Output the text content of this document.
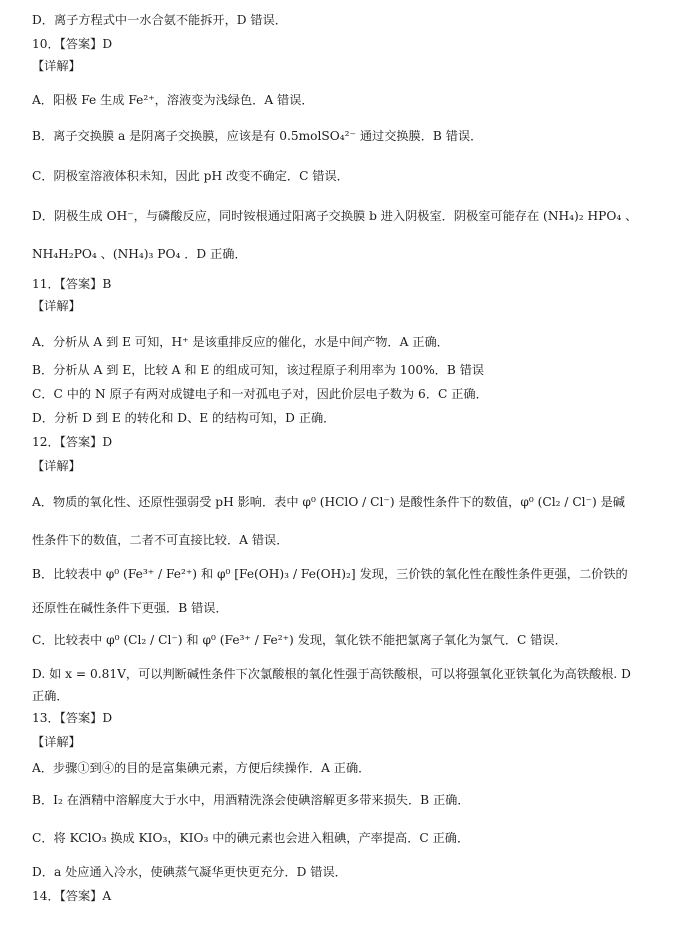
D．离子方程式中一水合氨不能拆开，D 错误．
10．【答案】D
【详解】
A．阳极 Fe 生成 Fe²⁺，溶液变为浅绿色．A 错误．
B．离子交换膜 a 是阴离子交换膜，应该是有 0.5molSO₄²⁻ 通过交换膜．B 错误．
C．阴极室溶液体积未知，因此 pH 改变不确定．C 错误．
D．阴极生成 OH⁻，与磷酸反应，同时铵根通过阳离子交换膜 b 进入阴极室．阴极室可能存在 (NH₄)₂ HPO₄ 、
NH₄H₂PO₄ 、(NH₄)₃ PO₄ ．D 正确．
11．【答案】B
【详解】
A．分析从 A 到 E 可知，H⁺ 是该重排反应的催化，水是中间产物．A 正确．
B．分析从 A 到 E，比较 A 和 E 的组成可知，该过程原子利用率为 100%．B 错误
C．C 中的 N 原子有两对成键电子和一对孤电子对，因此价层电子数为 6．C 正确．
D．分析 D 到 E 的转化和 D、E 的结构可知，D 正确．
12．【答案】D
【详解】
A．物质的氧化性、还原性强弱受 pH 影响．表中 φ⁰ (HClO / Cl⁻) 是酸性条件下的数值，φ⁰ (Cl₂ / Cl⁻) 是碱
性条件下的数值，二者不可直接比较．A 错误．
B．比较表中 φ⁰ (Fe³⁺ / Fe²⁺) 和 φ⁰ [Fe(OH)₃ / Fe(OH)₂] 发现，三价铁的氧化性在酸性条件更强，二价铁的
还原性在碱性条件下更强．B 错误．
C．比较表中 φ⁰ (Cl₂ / Cl⁻) 和 φ⁰ (Fe³⁺ / Fe²⁺) 发现，氧化铁不能把氯离子氧化为氯气．C 错误．
D. 如 x = 0.81V，可以判断碱性条件下次氯酸根的氧化性强于高铁酸根，可以将强氧化亚铁氧化为高铁酸根. D
正确．
13．【答案】D
【详解】
A．步骤①到④的目的是富集碘元素，方便后续操作．A 正确．
B．I₂ 在酒精中溶解度大于水中，用酒精洗涤会使碘溶解更多带来损失．B 正确．
C．将 KClO₃ 换成 KIO₃，KIO₃ 中的碘元素也会进入粗碘，产率提高．C 正确．
D．a 处应通入冷水，使碘蒸气凝华更快更充分．D 错误．
14．【答案】A
